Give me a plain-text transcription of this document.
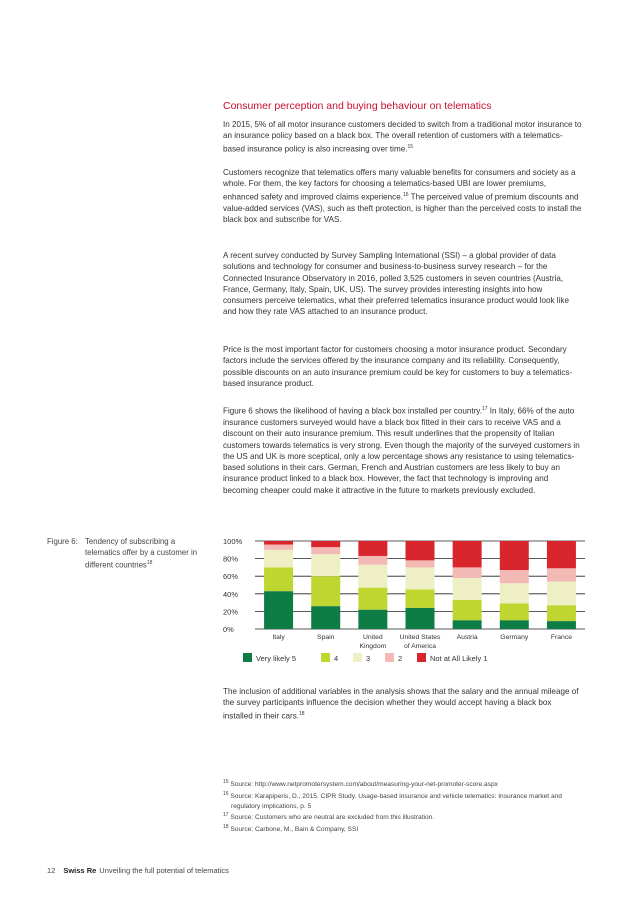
Consumer perception and buying behaviour on telematics

In 2015, 5% of all motor insurance customers decided to switch from a traditional motor insurance to an insurance policy based on a black box. The overall retention of customers with a telematics-based insurance policy is also increasing over time.$^{15}$

Customers recognize that telematics offers many valuable benefits for consumers and society as a whole. For them, the key factors for choosing a telematics-based UBI are lower premiums, enhanced safety and improved claims experience.$^{16}$ The perceived value of premium discounts and value-added services (VAS), such as theft protection, is higher than the perceived costs to install the black box and subscribe for VAS.

A recent survey conducted by Survey Sampling International (SSI) – a global provider of data solutions and technology for consumer and business-to-business survey research – for the Connected Insurance Observatory in 2016, polled 3,525 customers in seven countries (Austria, France, Germany, Italy, Spain, UK, US). The survey provides interesting insights into how consumers perceive telematics, what their preferred telematics insurance product would look like and how they rate VAS attached to an insurance product.

Price is the most important factor for customers choosing a motor insurance product. Secondary factors include the services offered by the insurance company and its reliability. Consequently, possible discounts on an auto insurance premium could be key for customers to buy a telematics-based insurance product.

Figure 6 shows the likelihood of having a black box installed per country.$^{17}$ In Italy, 66% of the auto insurance customers surveyed would have a black box fitted in their cars to receive VAS and a discount on their auto insurance premium. This result underlines that the propensity of Italian customers towards telematics is very strong. Even though the majority of the surveyed customers in the US and UK is more sceptical, only a low percentage shows any resistance to using telematics-based solutions in their cars. German, French and Austrian customers are less likely to buy an insurance product linked to a black box. However, the fact that technology is improving and becoming cheaper could make it attractive in the future to markets previously excluded.

Figure 6: Tendency of subscribing a telematics offer by a customer in different countries$^{18}$
0%
20%
40%
60%
80%
100%
Italy	Spain	United Kingdom
United States of America
Austria	Germany	France
Very likely 5	4	3	2	Not at All Likely 1

The inclusion of additional variables in the analysis shows that the salary and the annual mileage of the survey participants influence the decision whether they would accept having a black box installed in their cars.$^{18}$

$^{15}$ Source: http://www.netpromotersystem.com/about/measuring-your-net-promoter-score.aspx

$^{16}$ Source: Karapiperis, D., 2015. CIPR Study. Usage-based insurance and vehicle telematics: Insurance market and regulatory implications, p. 5

$^{17}$ Source: Customers who are neutral are excluded from this illustration.

$^{18}$ Source: Carbone, M., Bain & Company, SSI

12 Swiss Re Unveiling the full potential of telematics
